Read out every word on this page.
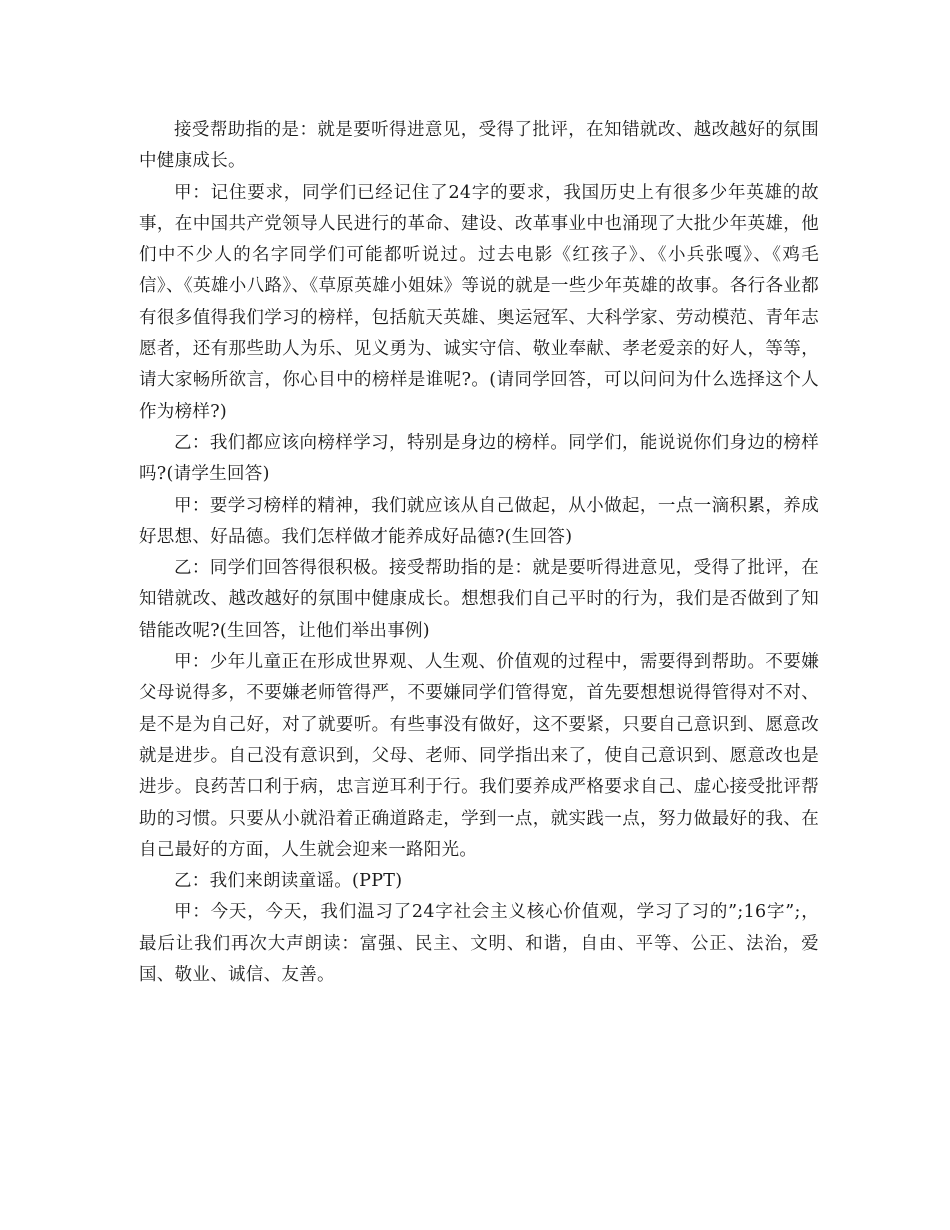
接受帮助指的是：就是要听得进意见，受得了批评，在知错就改、越改越好的氛围中健康成长。

甲：记住要求，同学们已经记住了24字的要求，我国历史上有很多少年英雄的故事，在中国共产党领导人民进行的革命、建设、改革事业中也涌现了大批少年英雄，他们中不少人的名字同学们可能都听说过。过去电影《红孩子》、《小兵张嘎》、《鸡毛信》、《英雄小八路》、《草原英雄小姐妹》等说的就是一些少年英雄的故事。各行各业都有很多值得我们学习的榜样，包括航天英雄、奥运冠军、大科学家、劳动模范、青年志愿者，还有那些助人为乐、见义勇为、诚实守信、敬业奉献、孝老爱亲的好人，等等，请大家畅所欲言，你心目中的榜样是谁呢?。(请同学回答，可以问问为什么选择这个人作为榜样?)

乙：我们都应该向榜样学习，特别是身边的榜样。同学们，能说说你们身边的榜样吗?(请学生回答)

甲：要学习榜样的精神，我们就应该从自己做起，从小做起，一点一滴积累，养成好思想、好品德。我们怎样做才能养成好品德?(生回答)

乙：同学们回答得很积极。接受帮助指的是：就是要听得进意见，受得了批评，在知错就改、越改越好的氛围中健康成长。想想我们自己平时的行为，我们是否做到了知错能改呢?(生回答，让他们举出事例)

甲：少年儿童正在形成世界观、人生观、价值观的过程中，需要得到帮助。不要嫌父母说得多，不要嫌老师管得严，不要嫌同学们管得宽，首先要想想说得管得对不对、是不是为自己好，对了就要听。有些事没有做好，这不要紧，只要自己意识到、愿意改就是进步。自己没有意识到，父母、老师、同学指出来了，使自己意识到、愿意改也是进步。良药苦口利于病，忠言逆耳利于行。我们要养成严格要求自己、虚心接受批评帮助的习惯。只要从小就沿着正确道路走，学到一点，就实践一点，努力做最好的我、在自己最好的方面，人生就会迎来一路阳光。

乙：我们来朗读童谣。(PPT)

甲：今天，今天，我们温习了24字社会主义核心价值观，学习了习的”;16字”;，最后让我们再次大声朗读：富强、民主、文明、和谐，自由、平等、公正、法治，爱国、敬业、诚信、友善。
